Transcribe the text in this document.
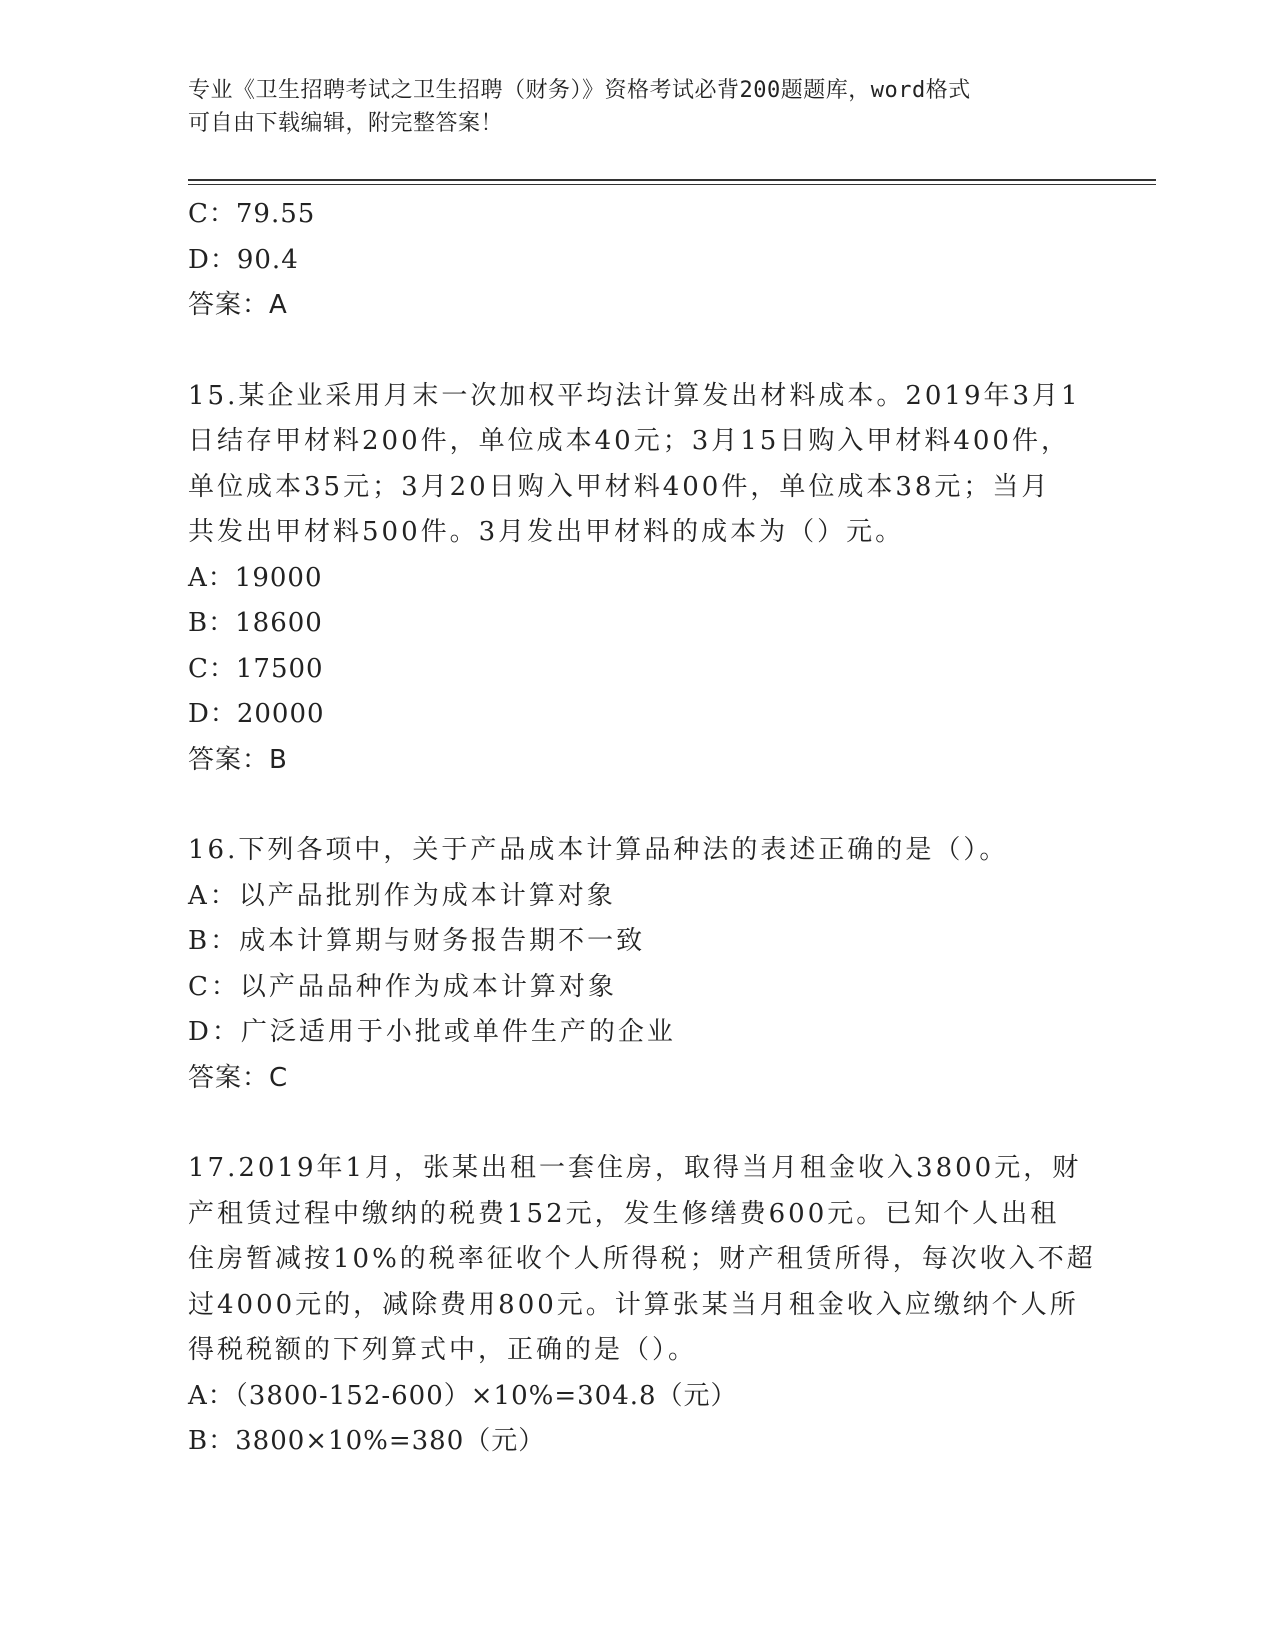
专业《卫生招聘考试之卫生招聘（财务）》资格考试必背200题题库，word格式
可自由下载编辑，附完整答案！
C：79.55
D：90.4
答案：A
15.某企业采用月末一次加权平均法计算发出材料成本。2019年3月1
日结存甲材料200件，单位成本40元；3月15日购入甲材料400件，
单位成本35元；3月20日购入甲材料400件，单位成本38元；当月
共发出甲材料500件。3月发出甲材料的成本为（）元。
A：19000
B：18600
C：17500
D：20000
答案：B
16.下列各项中，关于产品成本计算品种法的表述正确的是（）。
A：以产品批别作为成本计算对象
B：成本计算期与财务报告期不一致
C：以产品品种作为成本计算对象
D：广泛适用于小批或单件生产的企业
答案：C
17.2019年1月，张某出租一套住房，取得当月租金收入3800元，财
产租赁过程中缴纳的税费152元，发生修缮费600元。已知个人出租
住房暂减按10%的税率征收个人所得税；财产租赁所得，每次收入不超
过4000元的，减除费用800元。计算张某当月租金收入应缴纳个人所
得税税额的下列算式中，正确的是（）。
A：（3800-152-600）×10%=304.8（元）
B：3800×10%=380（元）
